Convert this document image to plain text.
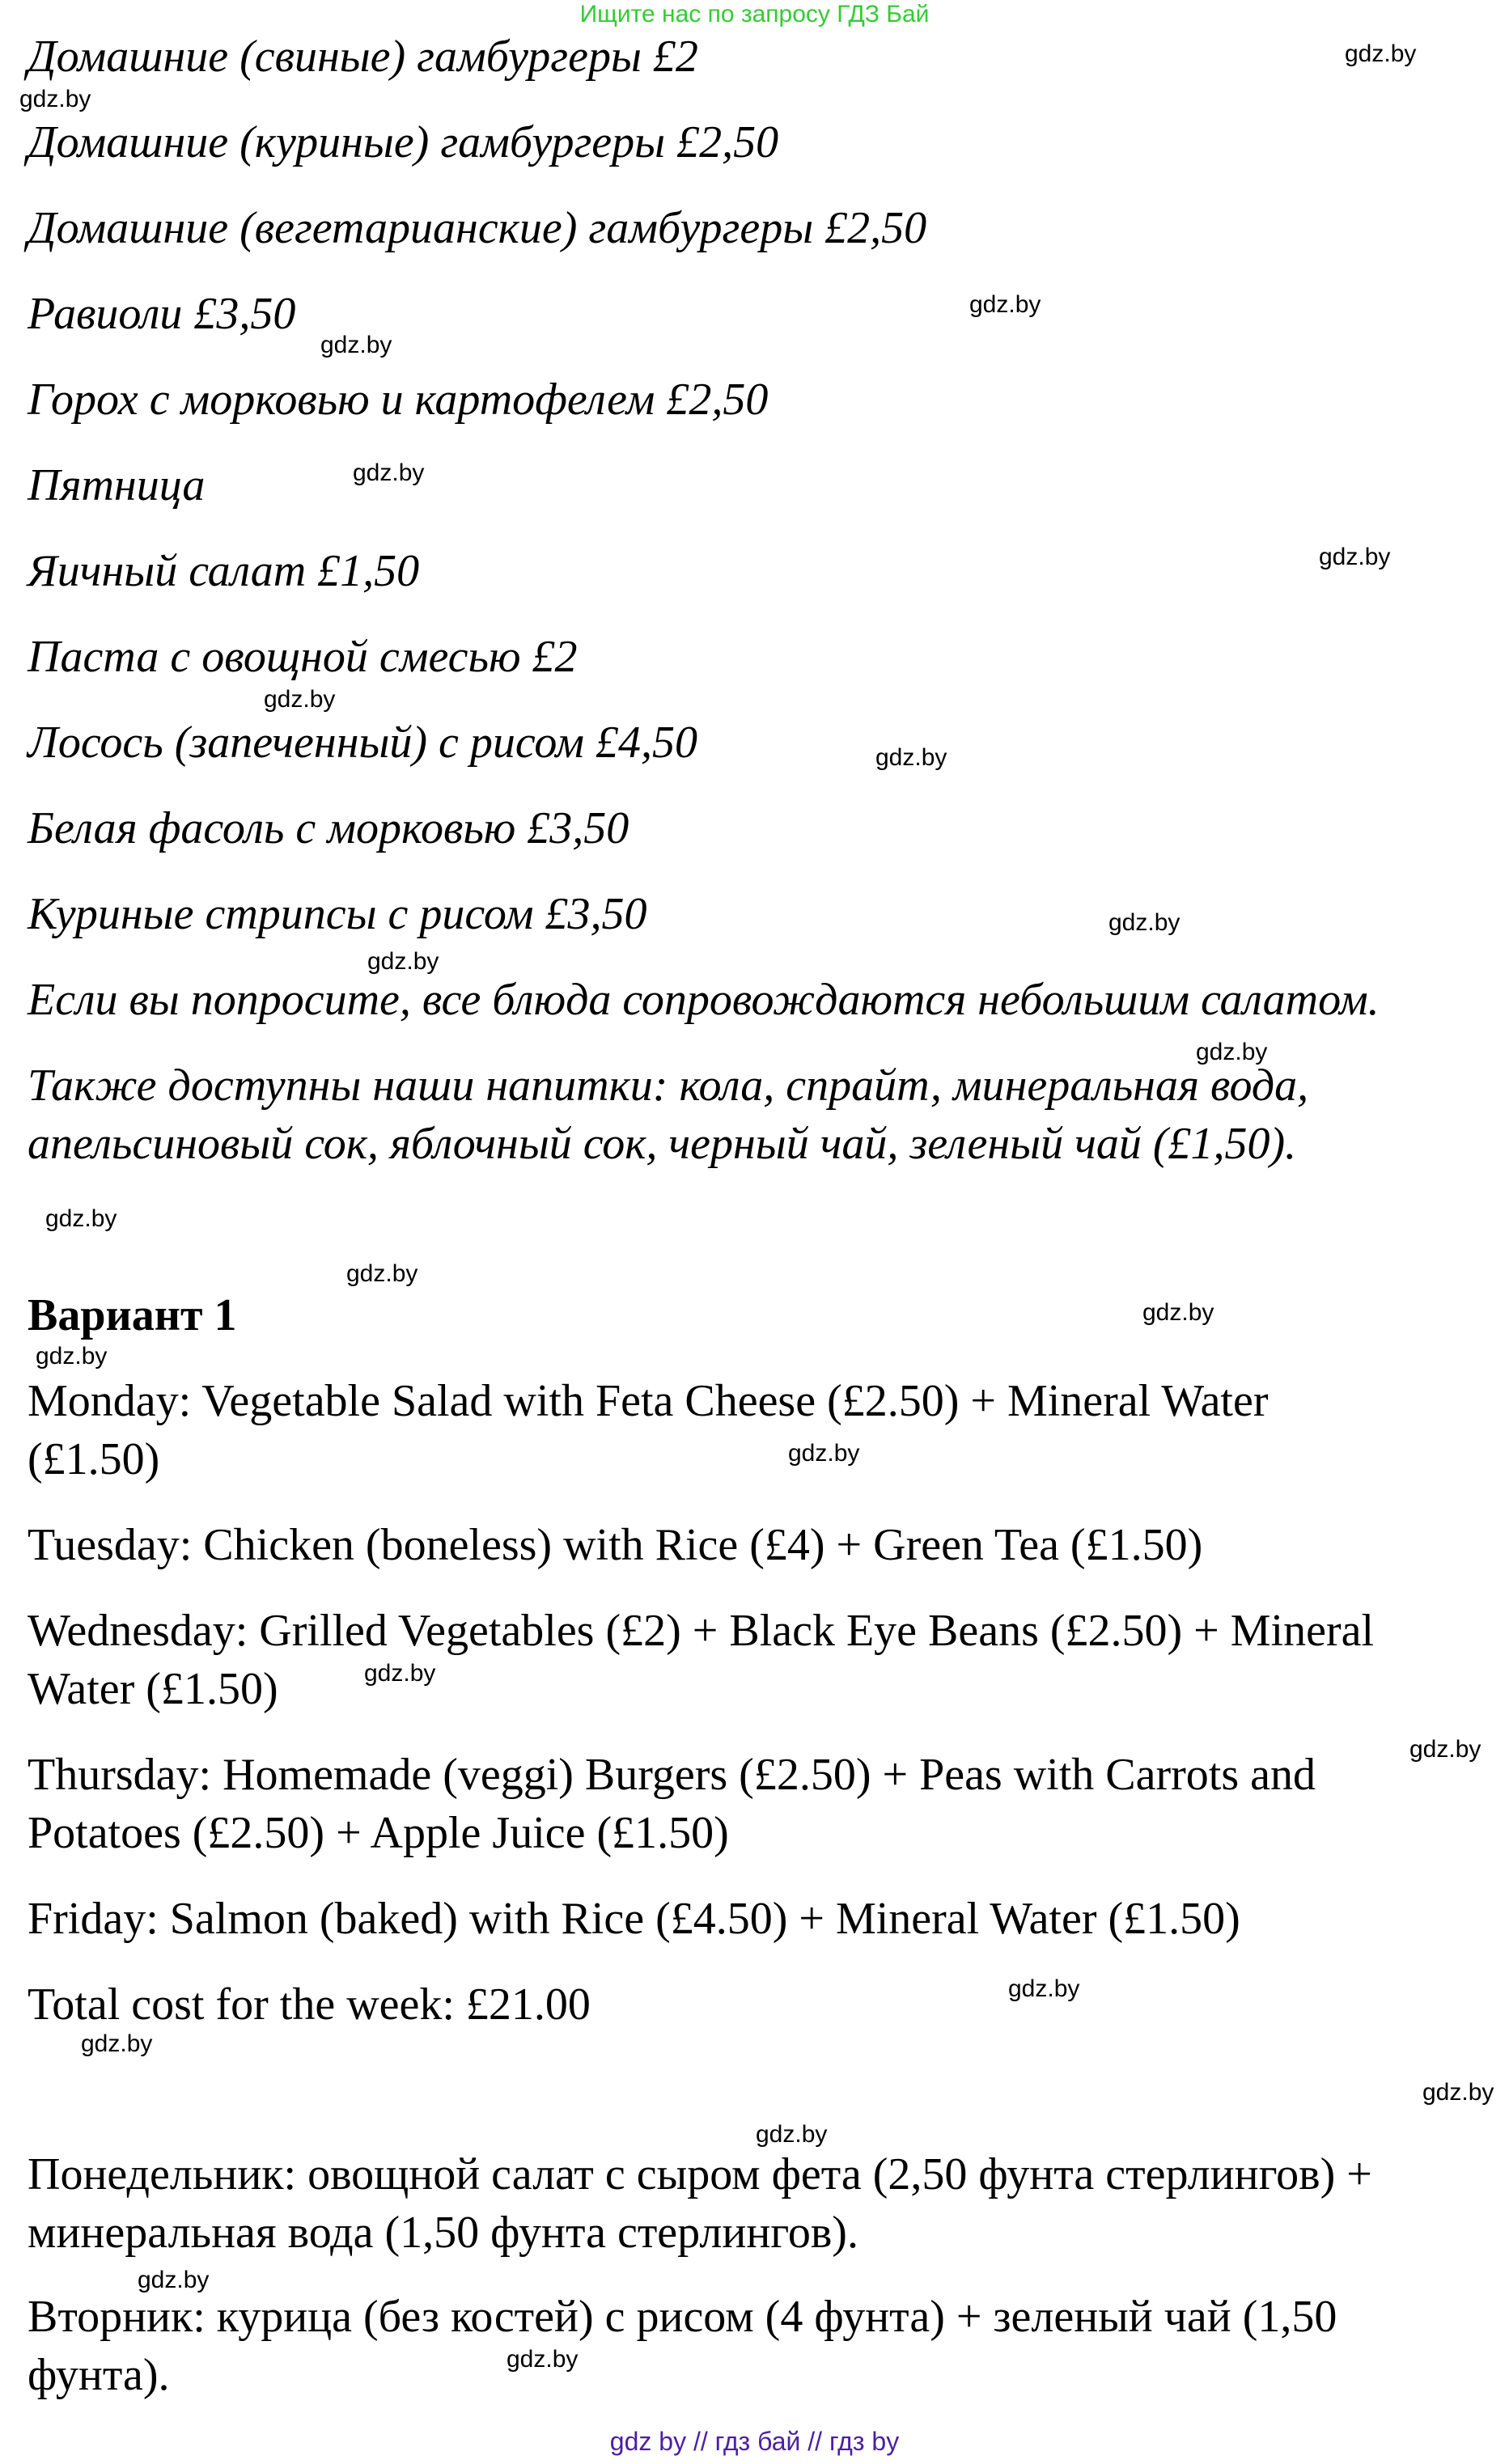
Ищите нас по запросу ГДЗ Бай
Домашние (свиные) гамбургеры £2
Домашние (куриные) гамбургеры £2,50
Домашние (вегетарианские) гамбургеры £2,50
Равиоли £3,50
Горох с морковью и картофелем £2,50
Пятница
Яичный салат £1,50
Паста с овощной смесью £2
Лосось (запеченный) с рисом £4,50
Белая фасоль с морковью £3,50
Куриные стрипсы с рисом £3,50
Если вы попросите, все блюда сопровождаются небольшим салатом.
Также доступны наши напитки: кола, спрайт, минеральная вода,
апельсиновый сок, яблочный сок, черный чай, зеленый чай (£1,50).
Вариант 1
Monday: Vegetable Salad with Feta Cheese (£2.50) + Mineral Water
(£1.50)
Tuesday: Chicken (boneless) with Rice (£4) + Green Tea (£1.50)
Wednesday: Grilled Vegetables (£2) + Black Eye Beans (£2.50) + Mineral
Water (£1.50)
Thursday: Homemade (veggi) Burgers (£2.50) + Peas with Carrots and
Potatoes (£2.50) + Apple Juice (£1.50)
Friday: Salmon (baked) with Rice (£4.50) + Mineral Water (£1.50)
Total cost for the week: £21.00
Понедельник: овощной салат с сыром фета (2,50 фунта стерлингов) +
минеральная вода (1,50 фунта стерлингов).
Вторник: курица (без костей) с рисом (4 фунта) + зеленый чай (1,50
фунта).
gdz.by
gdz.by
gdz.by
gdz.by
gdz.by
gdz.by
gdz.by
gdz.by
gdz.by
gdz.by
gdz.by
gdz.by
gdz.by
gdz.by
gdz.by
gdz.by
gdz.by
gdz.by
gdz.by
gdz.by
gdz.by
gdz.by
gdz.by
gdz.by
gdz by // гдз бай // гдз by
